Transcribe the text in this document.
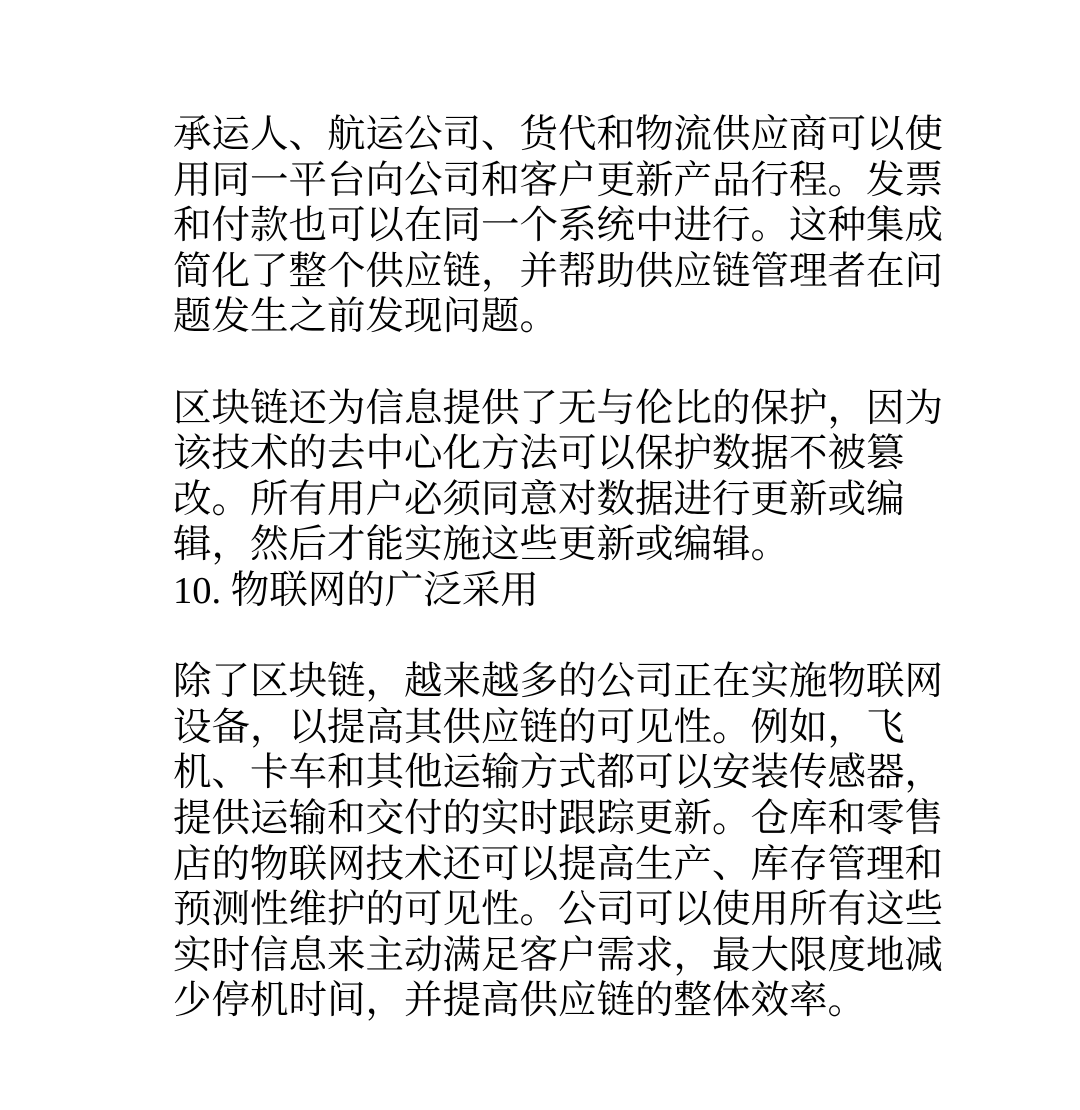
承运人、航运公司、货代和物流供应商可以使
用同一平台向公司和客户更新产品行程。发票
和付款也可以在同一个系统中进行。这种集成
简化了整个供应链，并帮助供应链管理者在问
题发生之前发现问题。
区块链还为信息提供了无与伦比的保护，因为
该技术的去中心化方法可以保护数据不被篡
改。所有用户必须同意对数据进行更新或编
辑，然后才能实施这些更新或编辑。
10. 物联网的广泛采用
除了区块链，越来越多的公司正在实施物联网
设备，以提高其供应链的可见性。例如，飞
机、卡车和其他运输方式都可以安装传感器，
提供运输和交付的实时跟踪更新。仓库和零售
店的物联网技术还可以提高生产、库存管理和
预测性维护的可见性。公司可以使用所有这些
实时信息来主动满足客户需求，最大限度地减
少停机时间，并提高供应链的整体效率。
